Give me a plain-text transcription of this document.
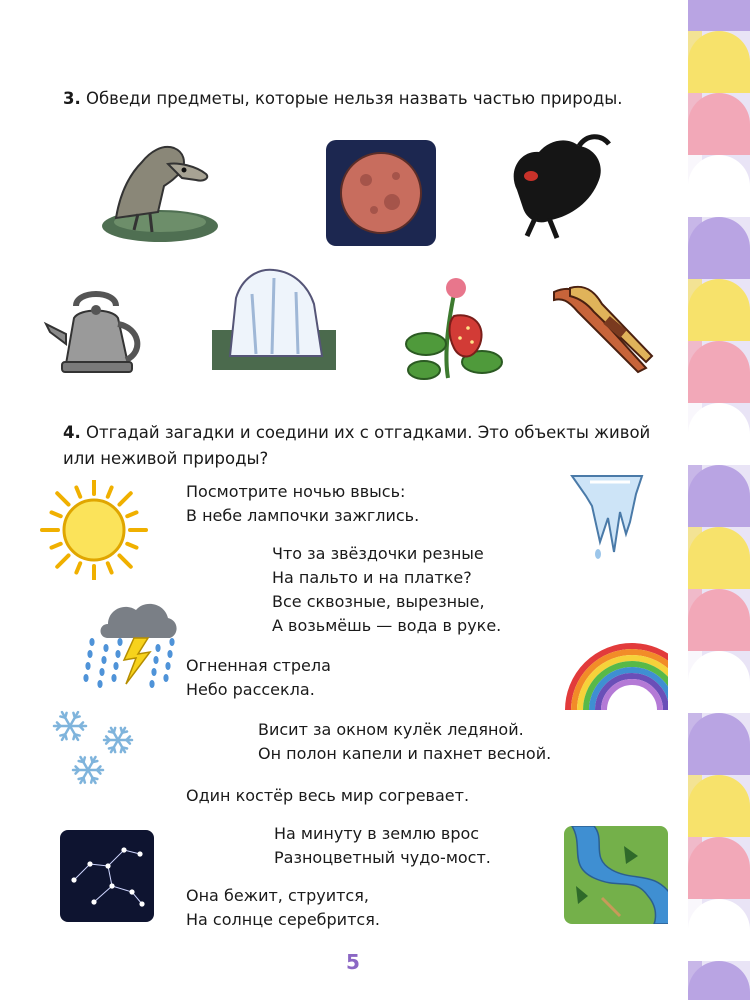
3. Обведи предметы, которые нельзя назвать частью природы.
4. Отгадай загадки и соедини их с отгадками. Это объекты живой или неживой природы?
Посмотрите ночью ввысь:
В небе лампочки зажглись.
Что за звёздочки резные
На пальто и на платке?
Все сквозные, вырезные,
А возьмёшь — вода в руке.
Огненная стрела
Небо рассекла.
Висит за окном кулёк ледяной.
Он полон капели и пахнет весной.
Один костёр весь мир согревает.
На минуту в землю врос
Разноцветный чудо-мост.
Она бежит, струится,
На солнце серебрится.
5
